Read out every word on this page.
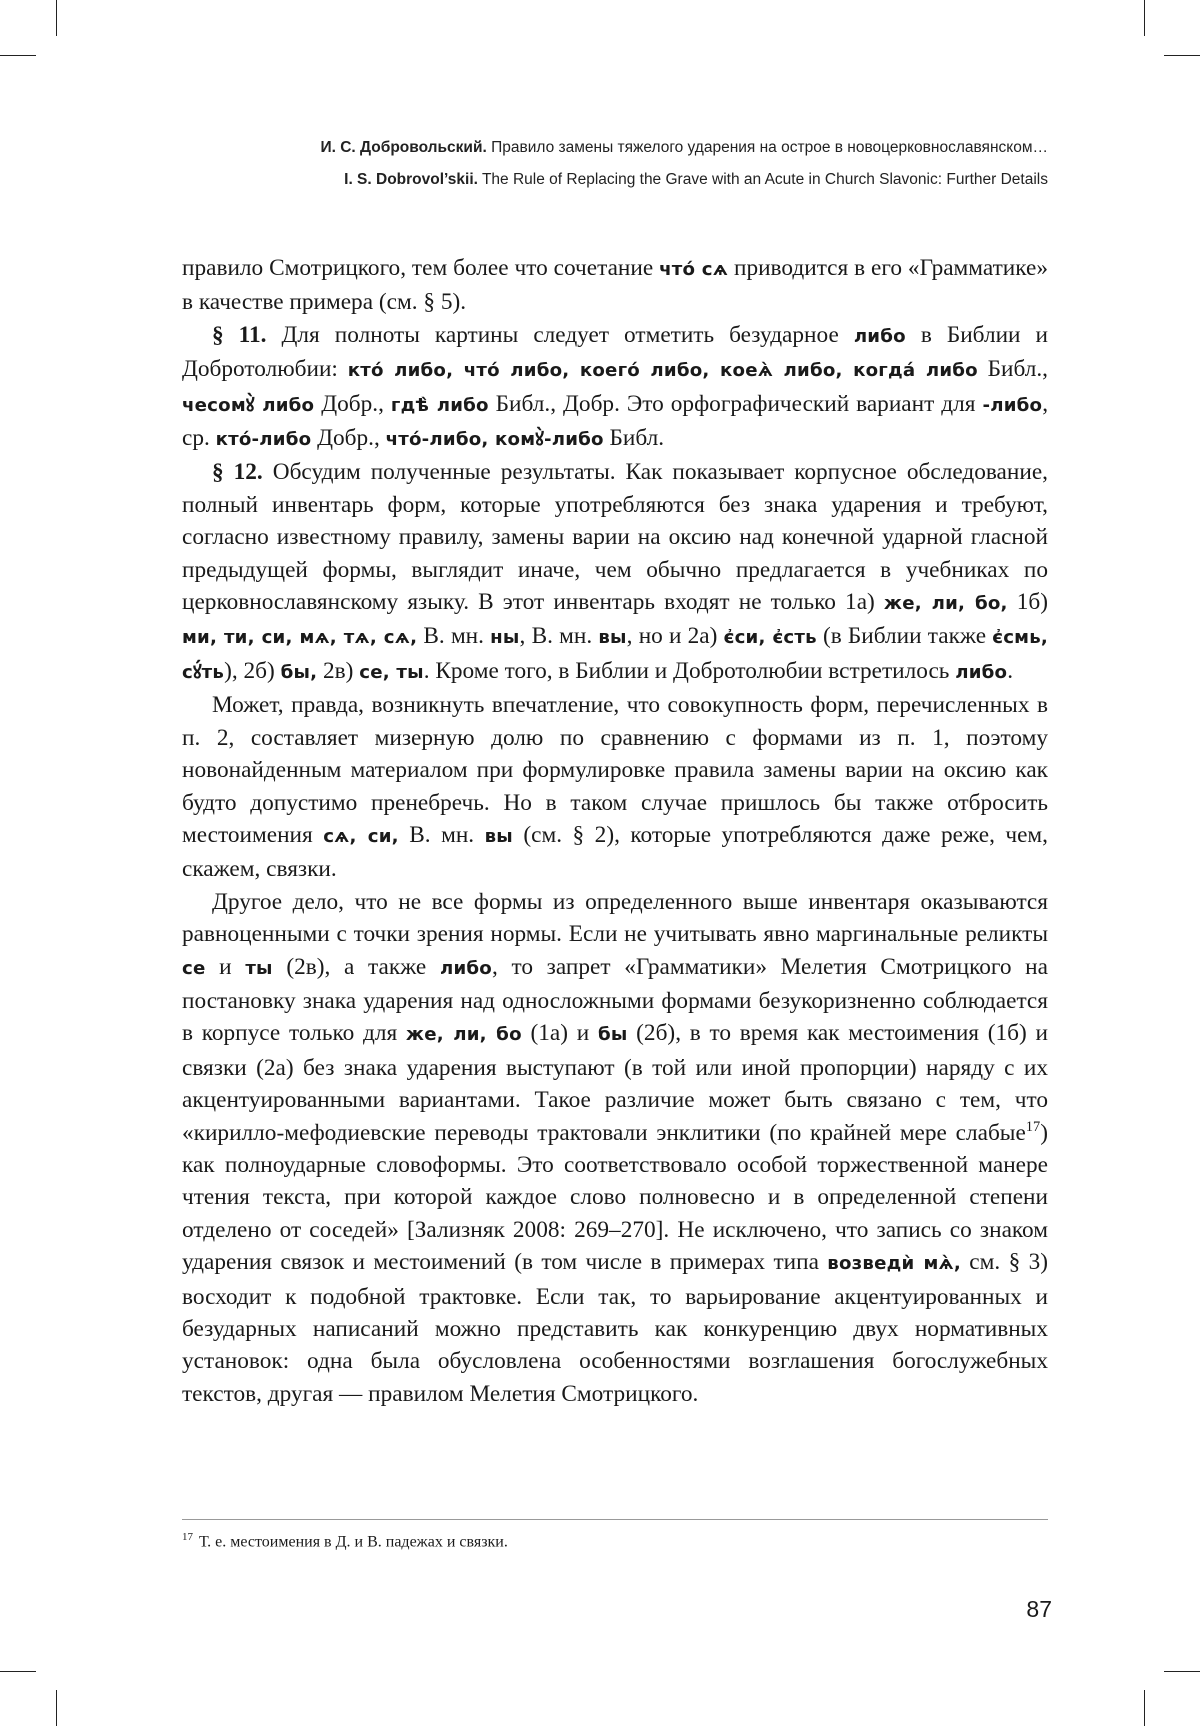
И. С. Добровольский. Правило замены тяжелого ударения на острое в новоцерковнославянском…
I. S. Dobrovol’skii. The Rule of Replacing the Grave with an Acute in Church Slavonic: Further Details

правило Смотрицкого, тем более что сочетание что́ сѧ приводится в его «Грамматике» в качестве примера (см. § 5).

§ 11. Для полноты картины следует отметить безударное либо в Библии и Добротолюбии: кто́ либо, что́ либо, коего́ либо, коеѧ̀ либо, когда́ либо Библ., чесомꙋ̀ либо Добр., гдѣ̀ либо Библ., Добр. Это орфографический вариант для -либо, ср. кто́-либо Добр., что́-либо, комꙋ̀-либо Библ.

§ 12. Обсудим полученные результаты. Как показывает корпусное обследование, полный инвентарь форм, которые употребляются без знака ударения и требуют, согласно известному правилу, замены варии на оксию над конечной ударной гласной предыдущей формы, выглядит иначе, чем обычно предлагается в учебниках по церковнославянскому языку. В этот инвентарь входят не только 1а) же, ли, бо, 1б) ми, ти, си, мѧ, тѧ, сѧ, В. мн. ны, В. мн. вы, но и 2а) є҆си, є҆сть (в Библии также є҆смь, сꙋ́ть), 2б) бы, 2в) се, ты. Кроме того, в Библии и Добротолюбии встретилось либо.

Может, правда, возникнуть впечатление, что совокупность форм, перечисленных в п. 2, составляет мизерную долю по сравнению с формами из п. 1, поэтому новонайденным материалом при формулировке правила замены варии на оксию как будто допустимо пренебречь. Но в таком случае пришлось бы также отбросить местоимения сѧ, си, В. мн. вы (см. § 2), которые употребляются даже реже, чем, скажем, связки.

Другое дело, что не все формы из определенного выше инвентаря оказываются равноценными с точки зрения нормы. Если не учитывать явно маргинальные реликты се и ты (2в), а также либо, то запрет «Грамматики» Мелетия Смотрицкого на постановку знака ударения над односложными формами безукоризненно соблюдается в корпусе только для же, ли, бо (1а) и бы (2б), в то время как местоимения (1б) и связки (2а) без знака ударения выступают (в той или иной пропорции) наряду с их акцентуированными вариантами. Такое различие может быть связано с тем, что «кирилло-мефодиевские переводы трактовали энклитики (по крайней мере слабые$^{17}$) как полноударные словоформы. Это соответствовало особой торжественной манере чтения текста, при которой каждое слово полновесно и в определенной степени отделено от соседей» [Зализняк 2008: 269–270]. Не исключено, что запись со знаком ударения связок и местоимений (в том числе в примерах типа возведѝ мѧ̀, см. § 3) восходит к подобной трактовке. Если так, то варьирование акцентуированных и безударных написаний можно представить как конкуренцию двух нормативных установок: одна была обусловлена особенностями возглашения богослужебных текстов, другая — правилом Мелетия Смотрицкого.

$^{17}$ Т. е. местоимения в Д. и В. падежах и связки.
87
